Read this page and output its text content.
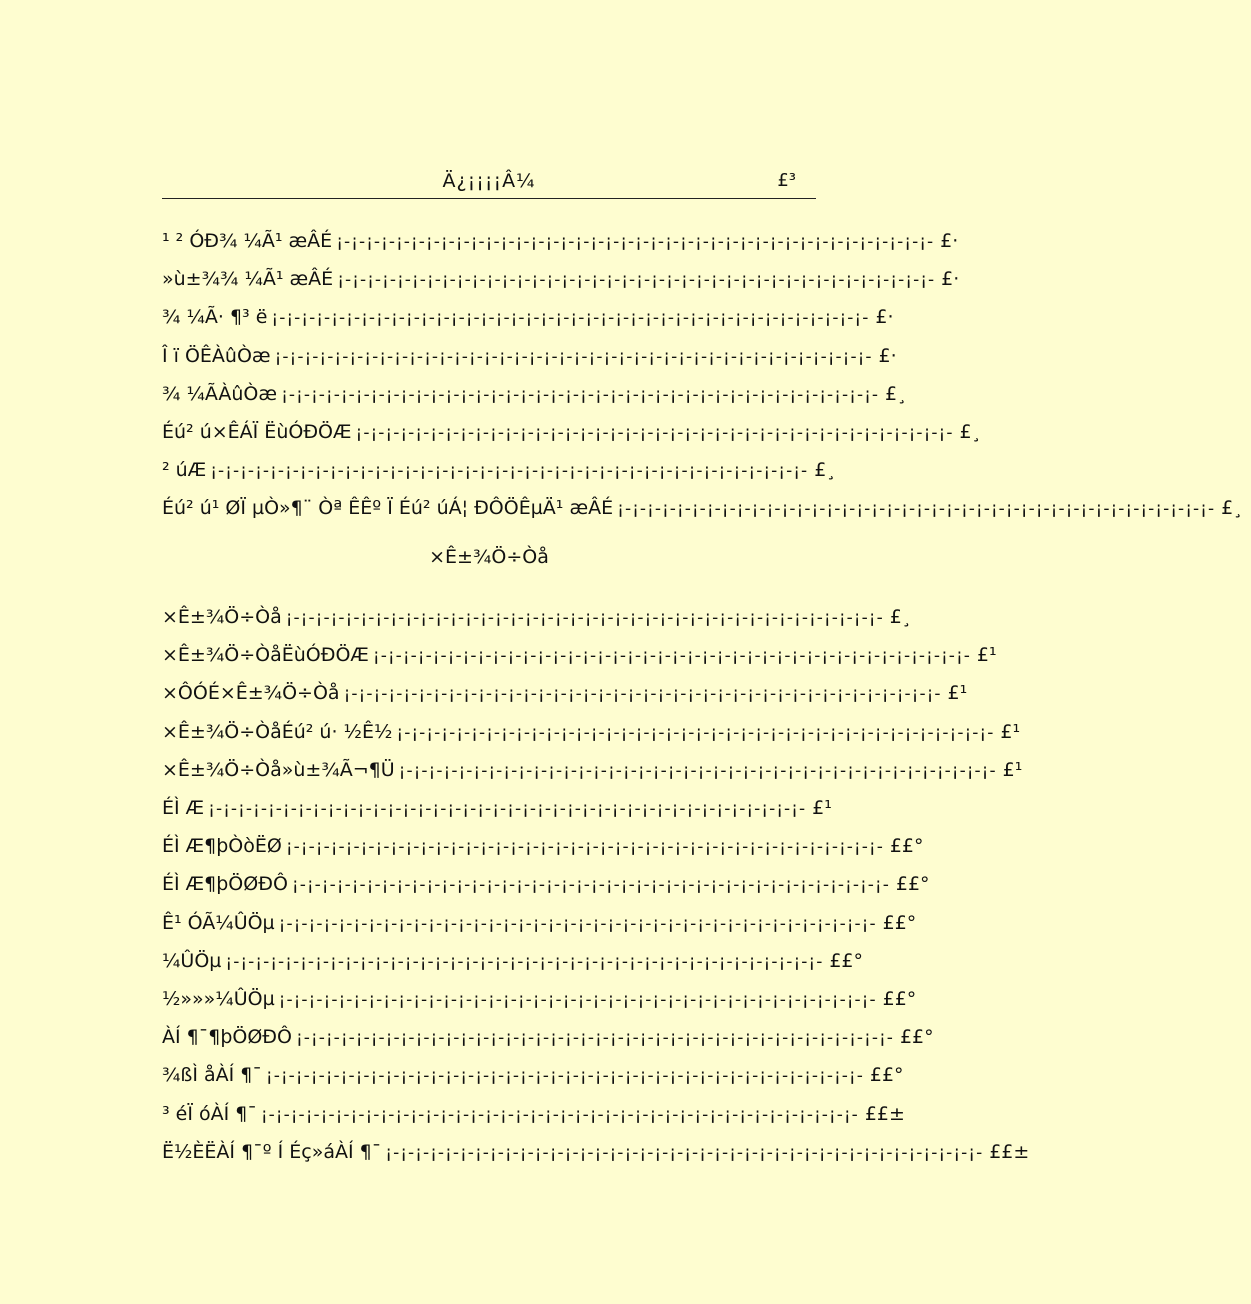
Ä¿¡¡¡¡Â¼	£³
¹ ² ÓÐ¾ ¼Ã¹ æÂÉ ¡-¡-¡-¡-¡-¡-¡-¡-¡-¡-¡-¡-¡-¡-¡-¡-¡-¡-¡-¡-¡-¡-¡-¡-¡-¡-¡-¡-¡-¡-¡-¡-¡-¡-¡-¡-¡-¡-¡-¡- £·
»ù±¾¾ ¼Ã¹ æÂÉ ¡-¡-¡-¡-¡-¡-¡-¡-¡-¡-¡-¡-¡-¡-¡-¡-¡-¡-¡-¡-¡-¡-¡-¡-¡-¡-¡-¡-¡-¡-¡-¡-¡-¡-¡-¡-¡-¡-¡-¡- £·
¾ ¼Ã· ¶³ ë ¡-¡-¡-¡-¡-¡-¡-¡-¡-¡-¡-¡-¡-¡-¡-¡-¡-¡-¡-¡-¡-¡-¡-¡-¡-¡-¡-¡-¡-¡-¡-¡-¡-¡-¡-¡-¡-¡-¡-¡- £·
Î ï ÖÊÀûÒæ ¡-¡-¡-¡-¡-¡-¡-¡-¡-¡-¡-¡-¡-¡-¡-¡-¡-¡-¡-¡-¡-¡-¡-¡-¡-¡-¡-¡-¡-¡-¡-¡-¡-¡-¡-¡-¡-¡-¡-¡- £·
¾ ¼ÃÀûÒæ ¡-¡-¡-¡-¡-¡-¡-¡-¡-¡-¡-¡-¡-¡-¡-¡-¡-¡-¡-¡-¡-¡-¡-¡-¡-¡-¡-¡-¡-¡-¡-¡-¡-¡-¡-¡-¡-¡-¡-¡- £¸
Éú² ú×ÊÁÏ ËùÓÐÖÆ ¡-¡-¡-¡-¡-¡-¡-¡-¡-¡-¡-¡-¡-¡-¡-¡-¡-¡-¡-¡-¡-¡-¡-¡-¡-¡-¡-¡-¡-¡-¡-¡-¡-¡-¡-¡-¡-¡-¡-¡- £¸
² úÆ ¡-¡-¡-¡-¡-¡-¡-¡-¡-¡-¡-¡-¡-¡-¡-¡-¡-¡-¡-¡-¡-¡-¡-¡-¡-¡-¡-¡-¡-¡-¡-¡-¡-¡-¡-¡-¡-¡-¡-¡- £¸
Éú² ú¹ ØÏ µÒ»¶¨ Òª ÊÊº Ï Éú² úÁ¦ ÐÔÖÊµÄ¹ æÂÉ ¡-¡-¡-¡-¡-¡-¡-¡-¡-¡-¡-¡-¡-¡-¡-¡-¡-¡-¡-¡-¡-¡-¡-¡-¡-¡-¡-¡-¡-¡-¡-¡-¡-¡-¡-¡-¡-¡-¡-¡- £¸
×Ê±¾Ö÷Òå
×Ê±¾Ö÷Òå ¡-¡-¡-¡-¡-¡-¡-¡-¡-¡-¡-¡-¡-¡-¡-¡-¡-¡-¡-¡-¡-¡-¡-¡-¡-¡-¡-¡-¡-¡-¡-¡-¡-¡-¡-¡-¡-¡-¡-¡- £¸
×Ê±¾Ö÷ÒåËùÓÐÖÆ ¡-¡-¡-¡-¡-¡-¡-¡-¡-¡-¡-¡-¡-¡-¡-¡-¡-¡-¡-¡-¡-¡-¡-¡-¡-¡-¡-¡-¡-¡-¡-¡-¡-¡-¡-¡-¡-¡-¡-¡- £¹
×ÔÓÉ×Ê±¾Ö÷Òå ¡-¡-¡-¡-¡-¡-¡-¡-¡-¡-¡-¡-¡-¡-¡-¡-¡-¡-¡-¡-¡-¡-¡-¡-¡-¡-¡-¡-¡-¡-¡-¡-¡-¡-¡-¡-¡-¡-¡-¡- £¹
×Ê±¾Ö÷ÒåÉú² ú· ½Ê½ ¡-¡-¡-¡-¡-¡-¡-¡-¡-¡-¡-¡-¡-¡-¡-¡-¡-¡-¡-¡-¡-¡-¡-¡-¡-¡-¡-¡-¡-¡-¡-¡-¡-¡-¡-¡-¡-¡-¡-¡- £¹
×Ê±¾Ö÷Òå»ù±¾Ã¬¶Ü ¡-¡-¡-¡-¡-¡-¡-¡-¡-¡-¡-¡-¡-¡-¡-¡-¡-¡-¡-¡-¡-¡-¡-¡-¡-¡-¡-¡-¡-¡-¡-¡-¡-¡-¡-¡-¡-¡-¡-¡- £¹
ÉÌ Æ ¡-¡-¡-¡-¡-¡-¡-¡-¡-¡-¡-¡-¡-¡-¡-¡-¡-¡-¡-¡-¡-¡-¡-¡-¡-¡-¡-¡-¡-¡-¡-¡-¡-¡-¡-¡-¡-¡-¡-¡- £¹
ÉÌ Æ¶þÒòËØ ¡-¡-¡-¡-¡-¡-¡-¡-¡-¡-¡-¡-¡-¡-¡-¡-¡-¡-¡-¡-¡-¡-¡-¡-¡-¡-¡-¡-¡-¡-¡-¡-¡-¡-¡-¡-¡-¡-¡-¡- ££°
ÉÌ Æ¶þÖØÐÔ ¡-¡-¡-¡-¡-¡-¡-¡-¡-¡-¡-¡-¡-¡-¡-¡-¡-¡-¡-¡-¡-¡-¡-¡-¡-¡-¡-¡-¡-¡-¡-¡-¡-¡-¡-¡-¡-¡-¡-¡- ££°
Ê¹ ÓÃ¼ÛÖµ ¡-¡-¡-¡-¡-¡-¡-¡-¡-¡-¡-¡-¡-¡-¡-¡-¡-¡-¡-¡-¡-¡-¡-¡-¡-¡-¡-¡-¡-¡-¡-¡-¡-¡-¡-¡-¡-¡-¡-¡- ££°
¼ÛÖµ ¡-¡-¡-¡-¡-¡-¡-¡-¡-¡-¡-¡-¡-¡-¡-¡-¡-¡-¡-¡-¡-¡-¡-¡-¡-¡-¡-¡-¡-¡-¡-¡-¡-¡-¡-¡-¡-¡-¡-¡- ££°
½»»»¼ÛÖµ ¡-¡-¡-¡-¡-¡-¡-¡-¡-¡-¡-¡-¡-¡-¡-¡-¡-¡-¡-¡-¡-¡-¡-¡-¡-¡-¡-¡-¡-¡-¡-¡-¡-¡-¡-¡-¡-¡-¡-¡- ££°
ÀÍ ¶¯¶þÖØÐÔ ¡-¡-¡-¡-¡-¡-¡-¡-¡-¡-¡-¡-¡-¡-¡-¡-¡-¡-¡-¡-¡-¡-¡-¡-¡-¡-¡-¡-¡-¡-¡-¡-¡-¡-¡-¡-¡-¡-¡-¡- ££°
¾ßÌ åÀÍ ¶¯ ¡-¡-¡-¡-¡-¡-¡-¡-¡-¡-¡-¡-¡-¡-¡-¡-¡-¡-¡-¡-¡-¡-¡-¡-¡-¡-¡-¡-¡-¡-¡-¡-¡-¡-¡-¡-¡-¡-¡-¡- ££°
³ éÏ óÀÍ ¶¯ ¡-¡-¡-¡-¡-¡-¡-¡-¡-¡-¡-¡-¡-¡-¡-¡-¡-¡-¡-¡-¡-¡-¡-¡-¡-¡-¡-¡-¡-¡-¡-¡-¡-¡-¡-¡-¡-¡-¡-¡- ££±
Ë½ÈËÀÍ ¶¯º Í Éç»áÀÍ ¶¯ ¡-¡-¡-¡-¡-¡-¡-¡-¡-¡-¡-¡-¡-¡-¡-¡-¡-¡-¡-¡-¡-¡-¡-¡-¡-¡-¡-¡-¡-¡-¡-¡-¡-¡-¡-¡-¡-¡-¡-¡- ££±
